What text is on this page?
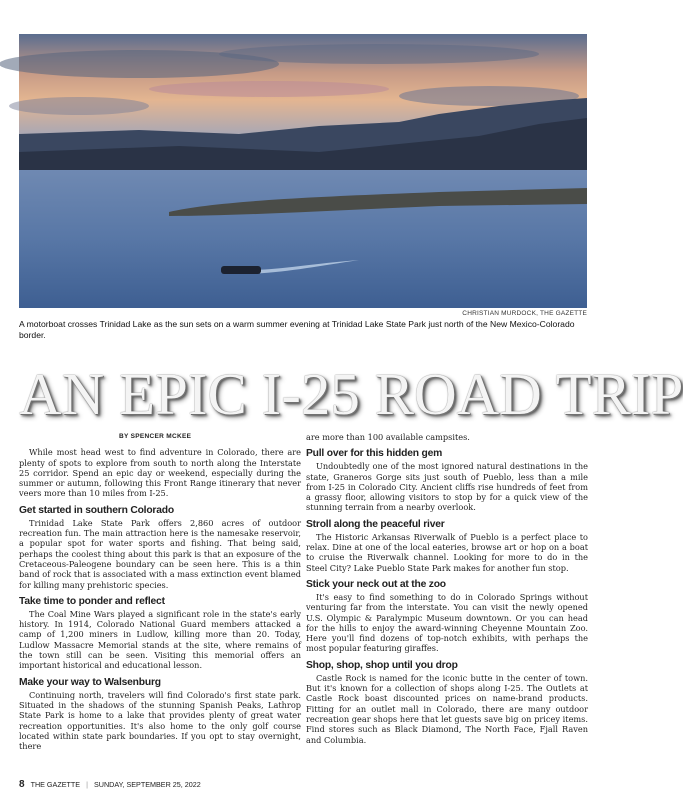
CHRISTIAN MURDOCK, THE GAZETTE
A motorboat crosses Trinidad Lake as the sun sets on a warm summer evening at Trinidad Lake State Park just north of the New Mexico-Colorado border.
AN EPIC I-25 ROAD TRIP
BY SPENCER MCKEE

While most head west to find adventure in Colorado, there are plenty of spots to explore from south to north along the Interstate 25 corridor. Spend an epic day or weekend, especially during the summer or autumn, following this Front Range itinerary that never veers more than 10 miles from I-25.

Get started in southern Colorado

Trinidad Lake State Park offers 2,860 acres of outdoor recreation fun. The main attraction here is the namesake reservoir, a popular spot for water sports and fishing. That being said, perhaps the coolest thing about this park is that an exposure of the Cretaceous-Paleogene boundary can be seen here. This is a thin band of rock that is associated with a mass extinction event blamed for killing many prehistoric species.

Take time to ponder and reflect

The Coal Mine Wars played a significant role in the state's early history. In 1914, Colorado National Guard members attacked a camp of 1,200 miners in Ludlow, killing more than 20. Today, Ludlow Massacre Memorial stands at the site, where remains of the town still can be seen. Visiting this memorial offers an important historical and educational lesson.

Make your way to Walsenburg

Continuing north, travelers will find Colorado's first state park. Situated in the shadows of the stunning Spanish Peaks, Lathrop State Park is home to a lake that provides plenty of great water recreation opportunities. It's also home to the only golf course located within state park boundaries. If you opt to stay overnight, there

are more than 100 available campsites.

Pull over for this hidden gem

Undoubtedly one of the most ignored natural destinations in the state, Graneros Gorge sits just south of Pueblo, less than a mile from I-25 in Colorado City. Ancient cliffs rise hundreds of feet from a grassy floor, allowing visitors to stop by for a quick view of the stunning terrain from a nearby overlook.

Stroll along the peaceful river

The Historic Arkansas Riverwalk of Pueblo is a perfect place to relax. Dine at one of the local eateries, browse art or hop on a boat to cruise the Riverwalk channel. Looking for more to do in the Steel City? Lake Pueblo State Park makes for another fun stop.

Stick your neck out at the zoo

It's easy to find something to do in Colorado Springs without venturing far from the interstate. You can visit the newly opened U.S. Olympic & Paralympic Museum downtown. Or you can head for the hills to enjoy the award-winning Cheyenne Mountain Zoo. Here you'll find dozens of top-notch exhibits, with perhaps the most popular featuring giraffes.

Shop, shop, shop until you drop

Castle Rock is named for the iconic butte in the center of town. But it's known for a collection of shops along I-25. The Outlets at Castle Rock boast discounted prices on name-brand products. Fitting for an outlet mall in Colorado, there are many outdoor recreation gear shops here that let guests save big on pricey items. Find stores such as Black Diamond, The North Face, Fjall Raven and Columbia.

8 THE GAZETTE | SUNDAY, SEPTEMBER 25, 2022
